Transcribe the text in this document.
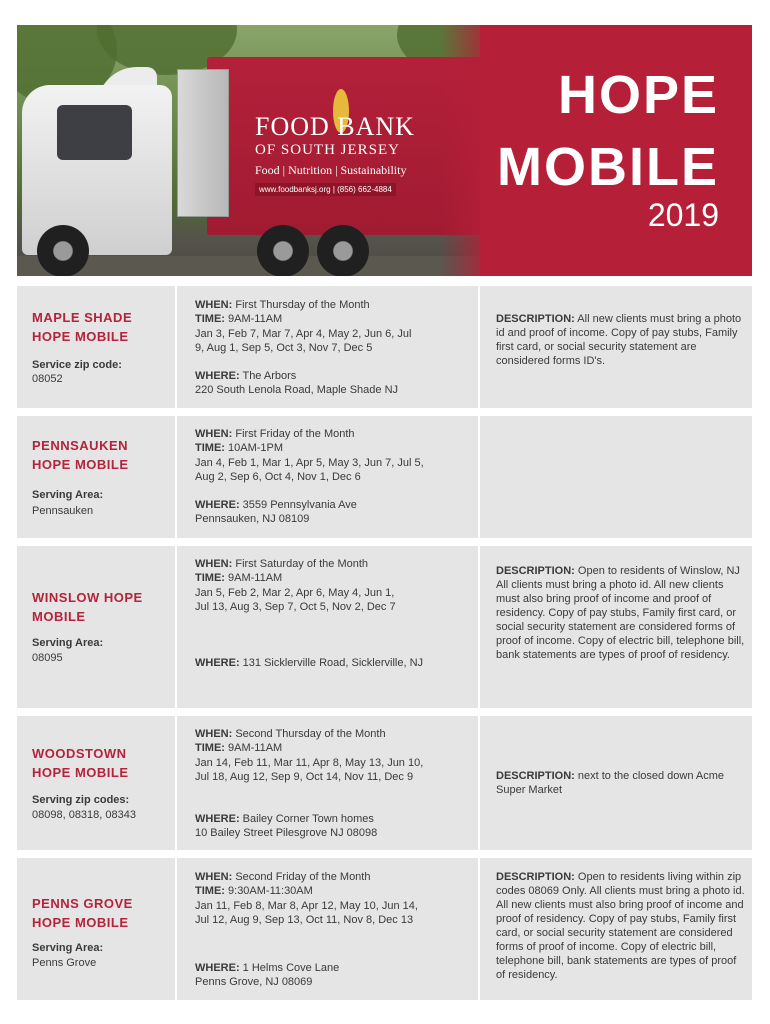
FOOD BANK
OF SOUTH JERSEY
Food | Nutrition | Sustainability
www.foodbanksj.org | (856) 662-4884
HOPE
MOBILE
2019
MAPLE SHADE
HOPE MOBILE
Service zip code:
08052
WHEN: First Thursday of the Month
TIME: 9AM-11AM
Jan 3, Feb 7, Mar 7, Apr 4, May 2, Jun 6, Jul
9, Aug 1, Sep 5, Oct 3, Nov 7, Dec 5
WHERE: The Arbors
220 South Lenola Road, Maple Shade NJ
DESCRIPTION: All new clients must bring a photo id and proof of income. Copy of pay stubs, Family first card, or social security statement are considered forms ID's.
PENNSAUKEN
HOPE MOBILE
Serving Area:
Pennsauken
WHEN: First Friday of the Month
TIME: 10AM-1PM
Jan 4, Feb 1, Mar 1, Apr 5, May 3, Jun 7, Jul 5,
Aug 2, Sep 6, Oct 4, Nov 1, Dec 6
WHERE: 3559 Pennsylvania Ave
Pennsauken, NJ 08109
WINSLOW HOPE
MOBILE
Serving Area:
08095
WHEN: First Saturday of the Month
TIME: 9AM-11AM
Jan 5, Feb 2, Mar 2, Apr 6, May 4, Jun 1,
Jul 13, Aug 3, Sep 7, Oct 5, Nov 2, Dec 7
WHERE: 131 Sicklerville Road, Sicklerville, NJ
DESCRIPTION: Open to residents of Winslow, NJ All clients must bring a photo id. All new clients must also bring proof of income and proof of residency. Copy of pay stubs, Family first card, or social security statement are considered forms of proof of income. Copy of electric bill, telephone bill, bank statements are types of proof of residency.
WOODSTOWN
HOPE MOBILE
Serving zip codes:
08098, 08318, 08343
WHEN: Second Thursday of the Month
TIME: 9AM-11AM
Jan 14, Feb 11, Mar 11, Apr 8, May 13, Jun 10,
Jul 18, Aug 12, Sep 9, Oct 14, Nov 11, Dec 9
WHERE: Bailey Corner Town homes
10 Bailey Street Pilesgrove NJ 08098
DESCRIPTION: next to the closed down Acme Super Market
PENNS GROVE
HOPE MOBILE
Serving Area:
Penns Grove
WHEN: Second Friday of the Month
TIME: 9:30AM-11:30AM
Jan 11, Feb 8, Mar 8, Apr 12, May 10, Jun 14,
Jul 12, Aug 9, Sep 13, Oct 11, Nov 8, Dec 13
WHERE: 1 Helms Cove Lane
Penns Grove, NJ 08069
DESCRIPTION: Open to residents living within zip codes 08069 Only. All clients must bring a photo id. All new clients must also bring proof of income and proof of residency. Copy of pay stubs, Family first card, or social security statement are considered forms of proof of income. Copy of electric bill, telephone bill, bank statements are types of proof of residency.
